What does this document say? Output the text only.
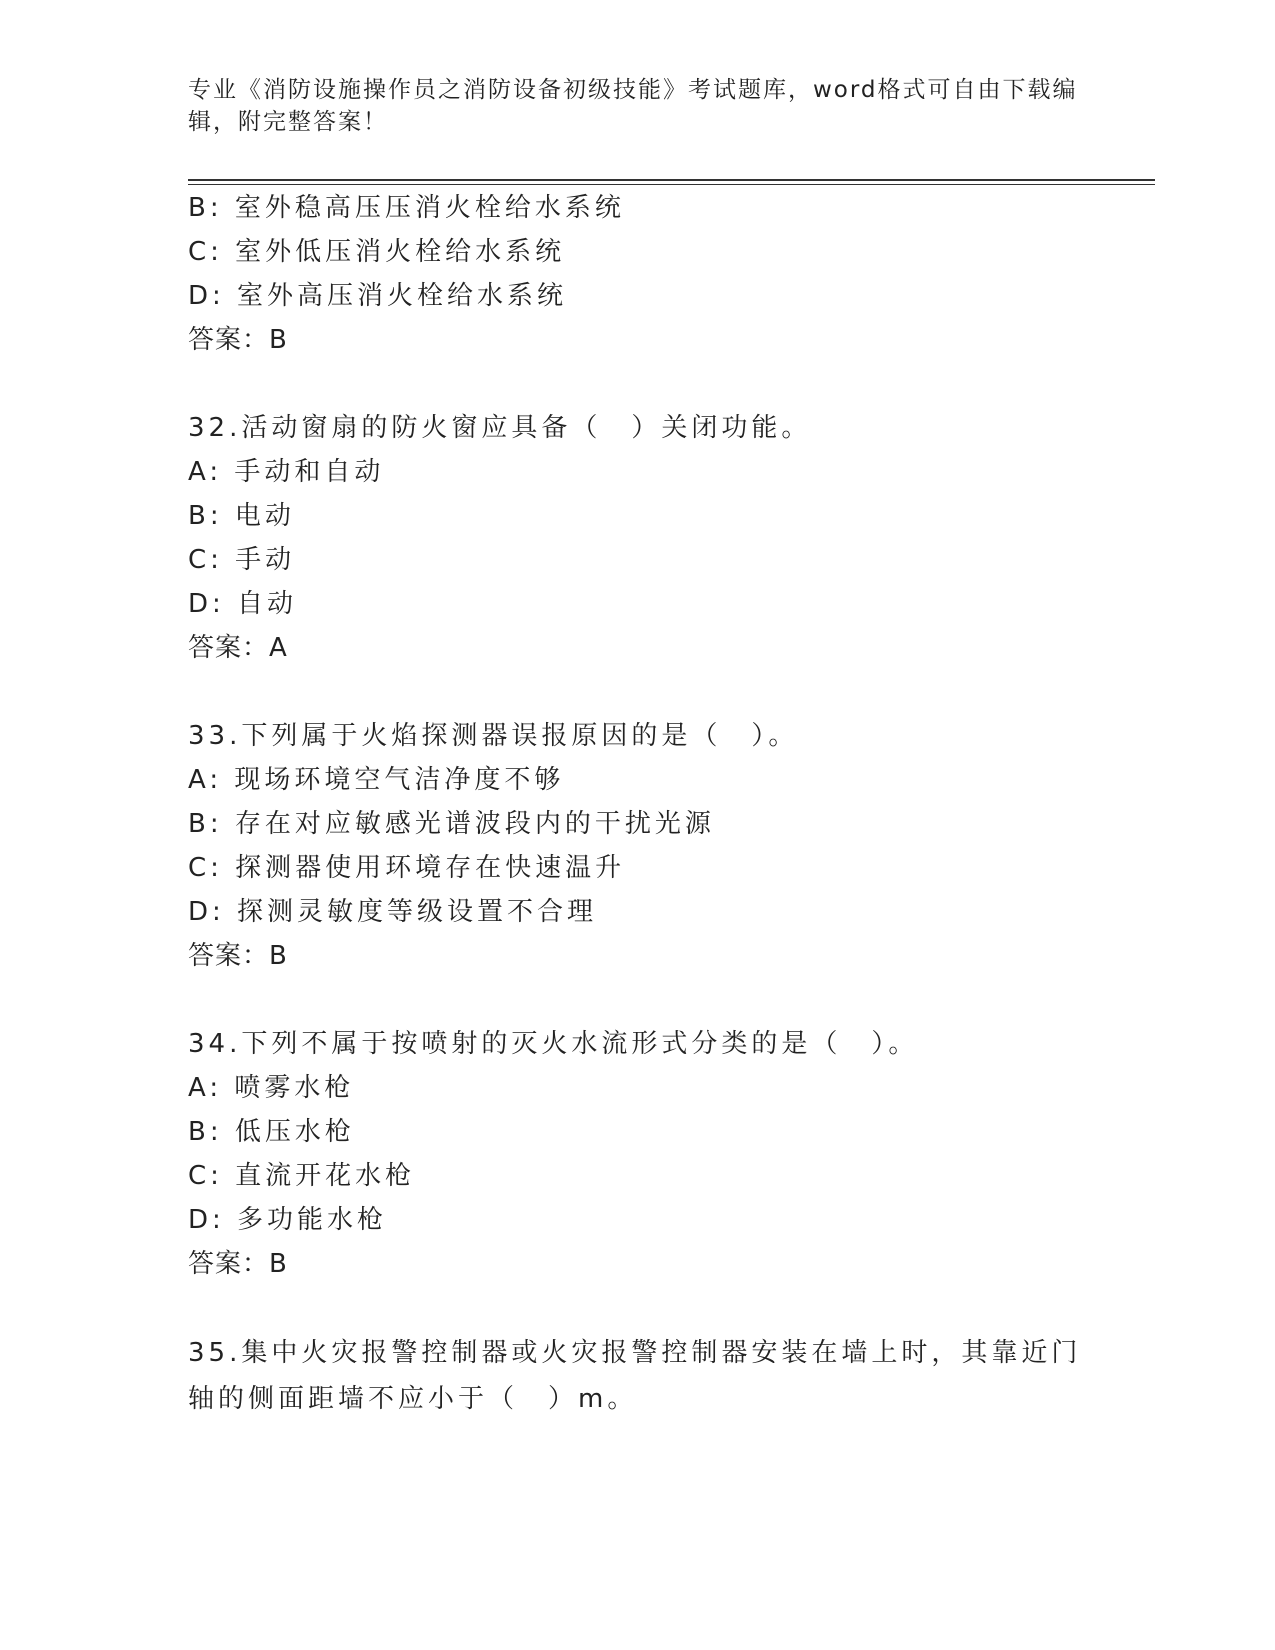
专业《消防设施操作员之消防设备初级技能》考试题库，word格式可自由下载编辑，附完整答案！
B: 室外稳高压压消火栓给水系统
C: 室外低压消火栓给水系统
D: 室外高压消火栓给水系统
答案：B
32.活动窗扇的防火窗应具备（　）关闭功能。
A: 手动和自动
B: 电动
C: 手动
D: 自动
答案：A
33.下列属于火焰探测器误报原因的是（　）。
A: 现场环境空气洁净度不够
B: 存在对应敏感光谱波段内的干扰光源
C: 探测器使用环境存在快速温升
D: 探测灵敏度等级设置不合理
答案：B
34.下列不属于按喷射的灭火水流形式分类的是（　）。
A: 喷雾水枪
B: 低压水枪
C: 直流开花水枪
D: 多功能水枪
答案：B
35.集中火灾报警控制器或火灾报警控制器安装在墙上时，其靠近门轴的侧面距墙不应小于（　）m。
